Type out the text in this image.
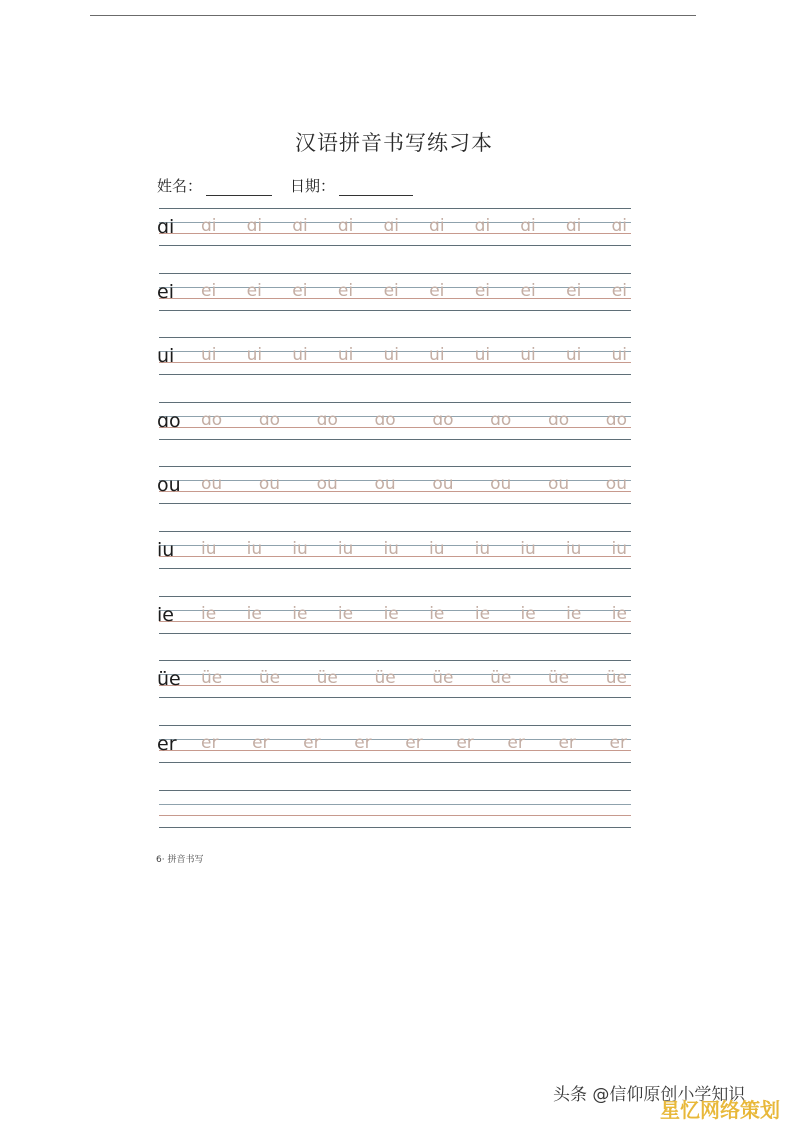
汉语拼音书写练习本
姓名：	日期：
ɑi ɑi ɑi ɑi ɑi ɑi ɑi ɑi ɑi ɑi ɑi
ei ei ei ei ei ei ei ei ei ei ei
ui ui ui ui ui ui ui ui ui ui ui
ɑo ɑo ɑo ɑo ɑo ɑo ɑo ɑo ɑo
ou ou ou ou ou ou ou ou ou
iu iu iu iu iu iu iu iu iu iu iu
ie ie ie ie ie ie ie ie ie ie ie
üe üe üe üe üe üe üe üe üe
er er er er er er er er er er
6· 拼音书写
头条 @信仰原创小学知识
星忆网络策划
